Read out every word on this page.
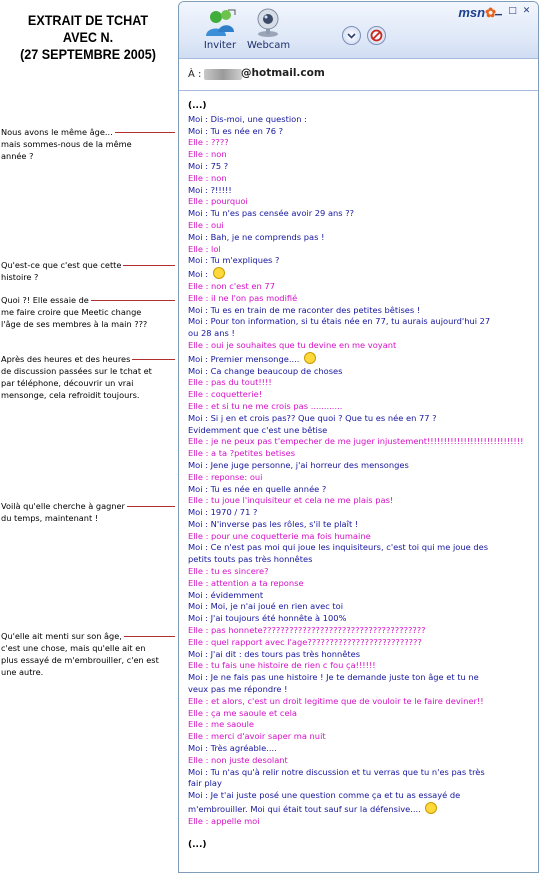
EXTRAIT DE TCHAT
AVEC N.
(27 SEPTEMBRE 2005)
Nous avons le même âge...
mais sommes-nous de la même
année ?
Qu'est-ce que c'est que cette
histoire ?
Quoi ?! Elle essaie de
me faire croire que Meetic change
l'âge de ses membres à la main ???
Après des heures et des heures
de discussion passées sur le tchat et
par téléphone, découvrir un vrai
mensonge, cela refroidit toujours.
Voilà qu'elle cherche à gagner
du temps, maintenant !
Qu'elle ait menti sur son âge,
c'est une chose, mais qu'elle ait en
plus essayé de m'embrouiller, c'en est
une autre.
Inviter	Webcam
msn✿ ▁ □ ✕
À :	@hotmail.com
(...)
Moi : Dis-moi, une question :
Moi : Tu es née en 76 ?
Elle : ????
Elle : non
Moi : 75 ?
Elle : non
Moi : ?!!!!!
Elle : pourquoi
Moi : Tu n'es pas censée avoir 29 ans ??
Elle : oui
Moi : Bah, je ne comprends pas !
Elle : lol
Moi : Tu m'expliques ?
Moi :
Elle : non c'est en 77
Elle : il ne l'on pas modifié
Moi : Tu es en train de me raconter des petites bêtises !
Moi : Pour ton information, si tu étais née en 77, tu aurais aujourd'hui 27
ou 28 ans !
Elle : oui je souhaites que tu devine en me voyant
Moi : Premier mensonge....
Moi : Ca change beaucoup de choses
Elle : pas du tout!!!!
Elle : coquetterie!
Elle : et si tu ne me crois pas ............
Moi : Si j en et crois pas?? Que quoi ? Que tu es née en 77 ?
Evidemment que c'est une bêtise
Elle : je ne peux pas t'empecher de me juger injustement!!!!!!!!!!!!!!!!!!!!!!!!!!!!!
Elle : a ta ?petites betises
Moi : Jene juge personne, j'ai horreur des mensonges
Elle : reponse: oui
Moi : Tu es née en quelle année ?
Elle : tu joue l'inquisiteur et cela ne me plais pas!
Moi : 1970 / 71 ?
Moi : N'inverse pas les rôles, s'il te plaît !
Elle : pour une coquetterie ma fois humaine
Moi : Ce n'est pas moi qui joue les inquisiteurs, c'est toi qui me joue des
petits touts pas très honnêtes
Elle : tu es sincere?
Elle : attention a ta reponse
Moi : évidemment
Moi : Moi, je n'ai joué en rien avec toi
Moi : J'ai toujours été honnête à 100%
Elle : pas honnete?????????????????????????????????????
Elle : quel rapport avec l'age??????????????????????????
Moi : J'ai dit : des tours pas très honnêtes
Elle : tu fais une histoire de rien c fou ça!!!!!!
Moi : Je ne fais pas une histoire ! Je te demande juste ton âge et tu ne
veux pas me répondre !
Elle : et alors, c'est un droit legitime que de vouloir te le faire deviner!!
Elle : ça me saoule et cela
Elle : me saoule
Elle : merci d'avoir saper ma nuit
Moi : Très agréable....
Elle : non juste desolant
Moi : Tu n'as qu'à relir notre discussion et tu verras que tu n'es pas très
fair play
Moi : Je t'ai juste posé une question comme ça et tu as essayé de
m'embrouiller. Moi qui était tout sauf sur la défensive....
Elle : appelle moi
(...)
